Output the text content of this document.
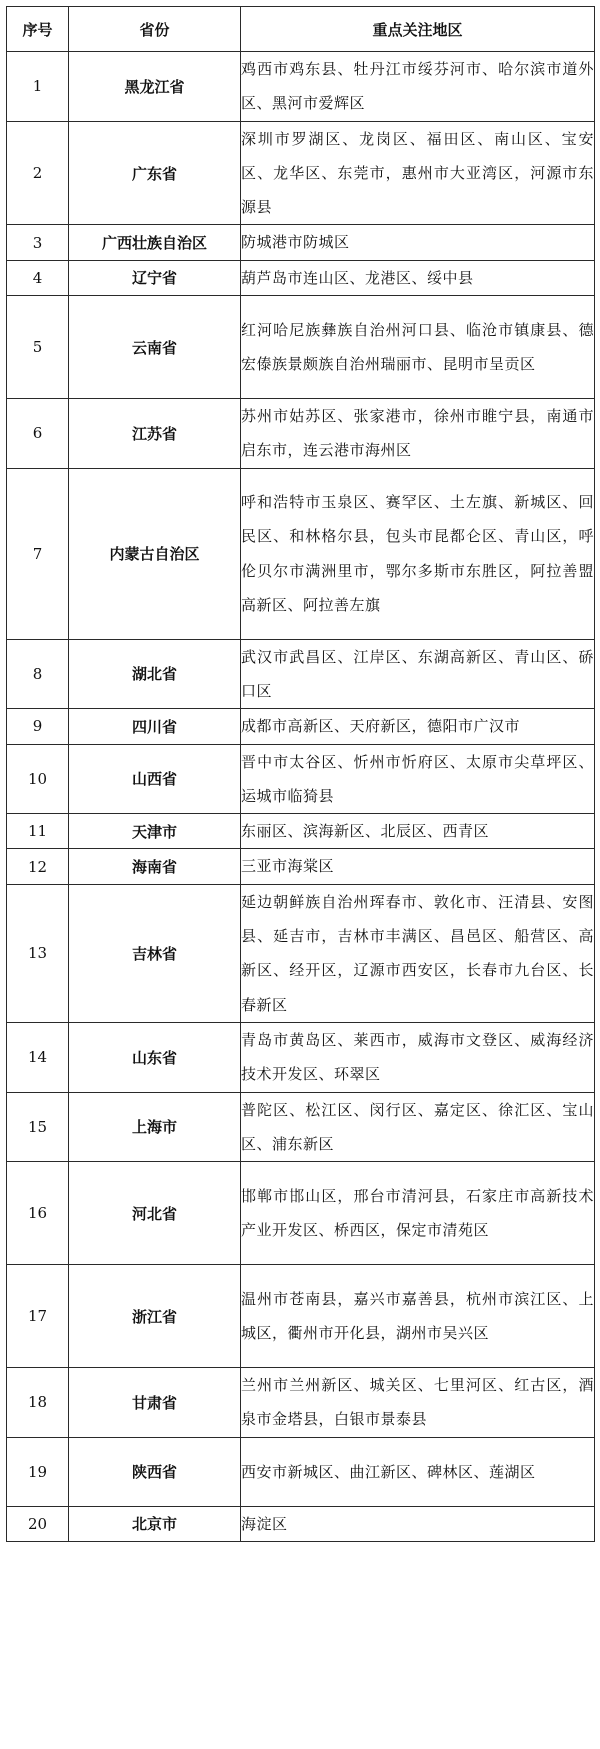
序号	省份	重点关注地区
1	黑龙江省	鸡西市鸡东县、牡丹江市绥芬河市、哈尔滨市道外区、黑河市爱辉区
2	广东省	深圳市罗湖区、龙岗区、福田区、南山区、宝安区、龙华区、东莞市，惠州市大亚湾区，河源市东源县
3	广西壮族自治区	防城港市防城区
4	辽宁省	葫芦岛市连山区、龙港区、绥中县
5	云南省	红河哈尼族彝族自治州河口县、临沧市镇康县、德宏傣族景颇族自治州瑞丽市、昆明市呈贡区
6	江苏省	苏州市姑苏区、张家港市，徐州市睢宁县，南通市启东市，连云港市海州区
7	内蒙古自治区	呼和浩特市玉泉区、赛罕区、土左旗、新城区、回民区、和林格尔县，包头市昆都仑区、青山区，呼伦贝尔市满洲里市，鄂尔多斯市东胜区，阿拉善盟高新区、阿拉善左旗
8	湖北省	武汉市武昌区、江岸区、东湖高新区、青山区、硚口区
9	四川省	成都市高新区、天府新区，德阳市广汉市
10	山西省	晋中市太谷区、忻州市忻府区、太原市尖草坪区、运城市临猗县
11	天津市	东丽区、滨海新区、北辰区、西青区
12	海南省	三亚市海棠区
13	吉林省	延边朝鲜族自治州珲春市、敦化市、汪清县、安图县、延吉市，吉林市丰满区、昌邑区、船营区、高新区、经开区，辽源市西安区，长春市九台区、长春新区
14	山东省	青岛市黄岛区、莱西市，威海市文登区、威海经济技术开发区、环翠区
15	上海市	普陀区、松江区、闵行区、嘉定区、徐汇区、宝山区、浦东新区
16	河北省	邯郸市邯山区，邢台市清河县，石家庄市高新技术产业开发区、桥西区，保定市清苑区
17	浙江省	温州市苍南县，嘉兴市嘉善县，杭州市滨江区、上城区，衢州市开化县，湖州市吴兴区
18	甘肃省	兰州市兰州新区、城关区、七里河区、红古区，酒泉市金塔县，白银市景泰县
19	陕西省	西安市新城区、曲江新区、碑林区、莲湖区
20	北京市	海淀区
